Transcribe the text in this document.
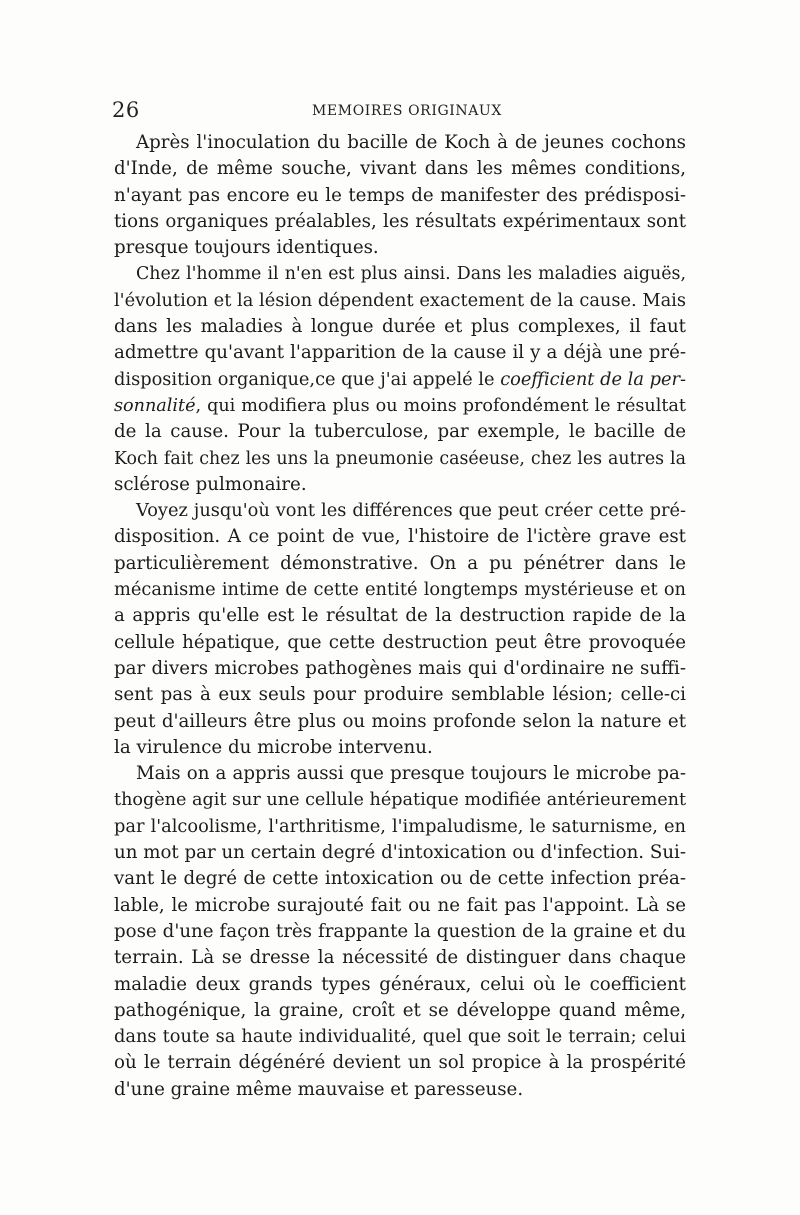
26	MEMOIRES ORIGINAUX

Après l'inoculation du bacille de Koch à de jeunes cochons
d'Inde, de même souche, vivant dans les mêmes conditions,
n'ayant pas encore eu le temps de manifester des prédisposi-
tions organiques préalables, les résultats expérimentaux sont
presque toujours identiques.

Chez l'homme il n'en est plus ainsi. Dans les maladies aiguës,
l'évolution et la lésion dépendent exactement de la cause. Mais
dans les maladies à longue durée et plus complexes, il faut
admettre qu'avant l'apparition de la cause il y a déjà une pré-
disposition organique,ce que j'ai appelé le coefficient de la per-
sonnalité, qui modifiera plus ou moins profondément le résultat
de la cause. Pour la tuberculose, par exemple, le bacille de
Koch fait chez les uns la pneumonie caséeuse, chez les autres la
sclérose pulmonaire.

Voyez jusqu'où vont les différences que peut créer cette pré-
disposition. A ce point de vue, l'histoire de l'ictère grave est
particulièrement démonstrative. On a pu pénétrer dans le
mécanisme intime de cette entité longtemps mystérieuse et on
a appris qu'elle est le résultat de la destruction rapide de la
cellule hépatique, que cette destruction peut être provoquée
par divers microbes pathogènes mais qui d'ordinaire ne suffi-
sent pas à eux seuls pour produire semblable lésion; celle-ci
peut d'ailleurs être plus ou moins profonde selon la nature et
la virulence du microbe intervenu.

Mais on a appris aussi que presque toujours le microbe pa-
thogène agit sur une cellule hépatique modifiée antérieurement
par l'alcoolisme, l'arthritisme, l'impaludisme, le saturnisme, en
un mot par un certain degré d'intoxication ou d'infection. Sui-
vant le degré de cette intoxication ou de cette infection préa-
lable, le microbe surajouté fait ou ne fait pas l'appoint. Là se
pose d'une façon très frappante la question de la graine et du
terrain. Là se dresse la nécessité de distinguer dans chaque
maladie deux grands types généraux, celui où le coefficient
pathogénique, la graine, croît et se développe quand même,
dans toute sa haute individualité, quel que soit le terrain; celui
où le terrain dégénéré devient un sol propice à la prospérité
d'une graine même mauvaise et paresseuse.
